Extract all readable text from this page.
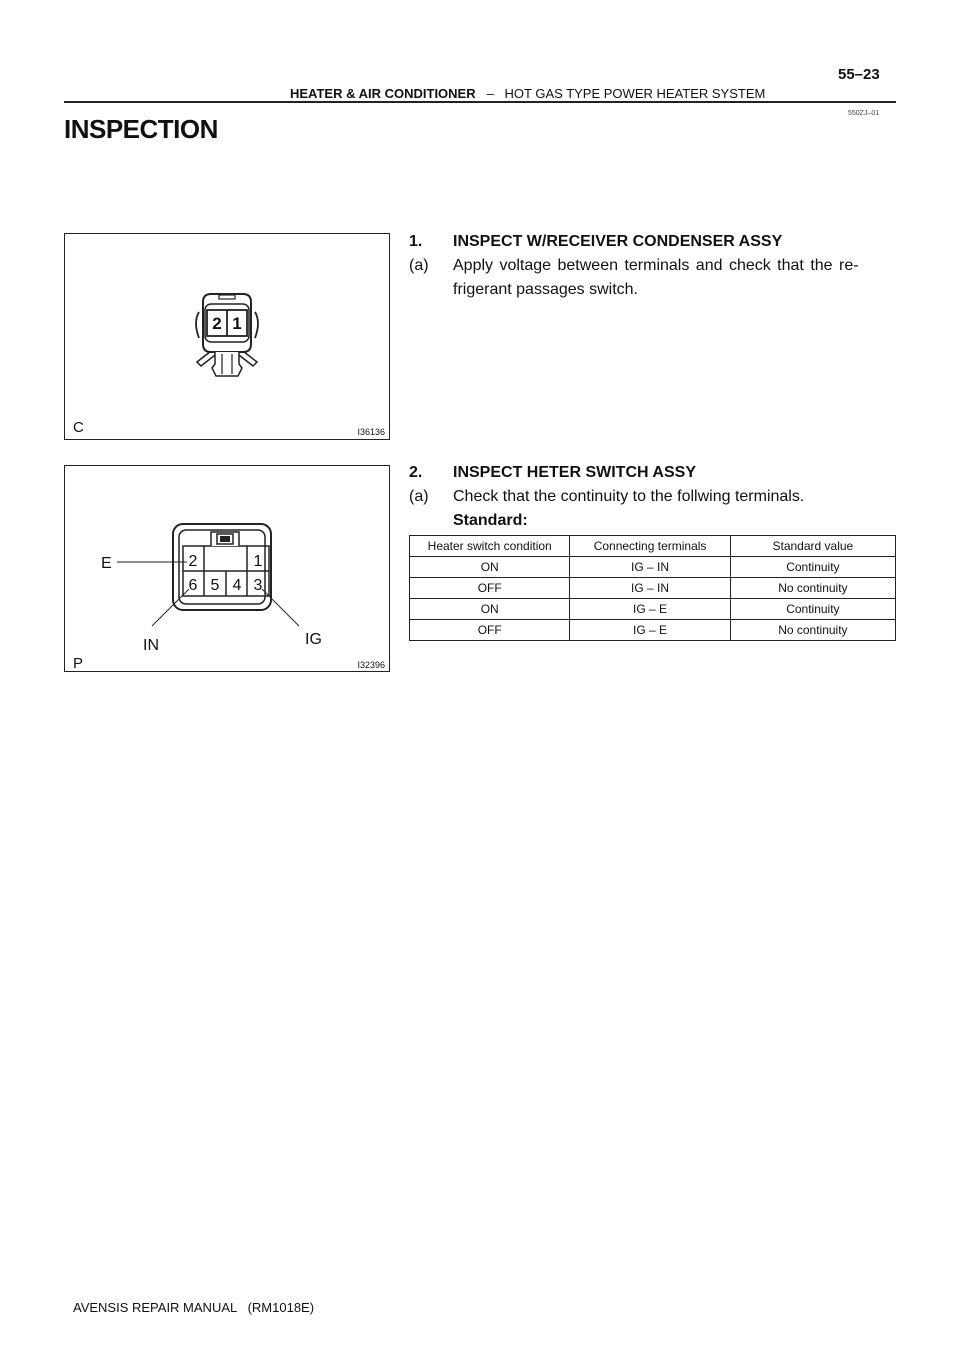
55–23
HEATER & AIR CONDITIONER – HOT GAS TYPE POWER HEATER SYSTEM
550ZJ–01
INSPECTION
2 1
C	I36136
2	1
6 5 4 3
E
IN	IG
P	I32396
1. INSPECT W/RECEIVER CONDENSER ASSY
(a) Apply voltage between terminals and check that the re-
frigerant passages switch.
2. INSPECT HETER SWITCH ASSY
(a) Check that the continuity to the follwing terminals.
Standard:
Heater switch condition	Connecting terminals	Standard value
ON	IG – IN	Continuity
OFF	IG – IN	No continuity
ON	IG – E	Continuity
OFF	IG – E	No continuity
AVENSIS REPAIR MANUAL   (RM1018E)
